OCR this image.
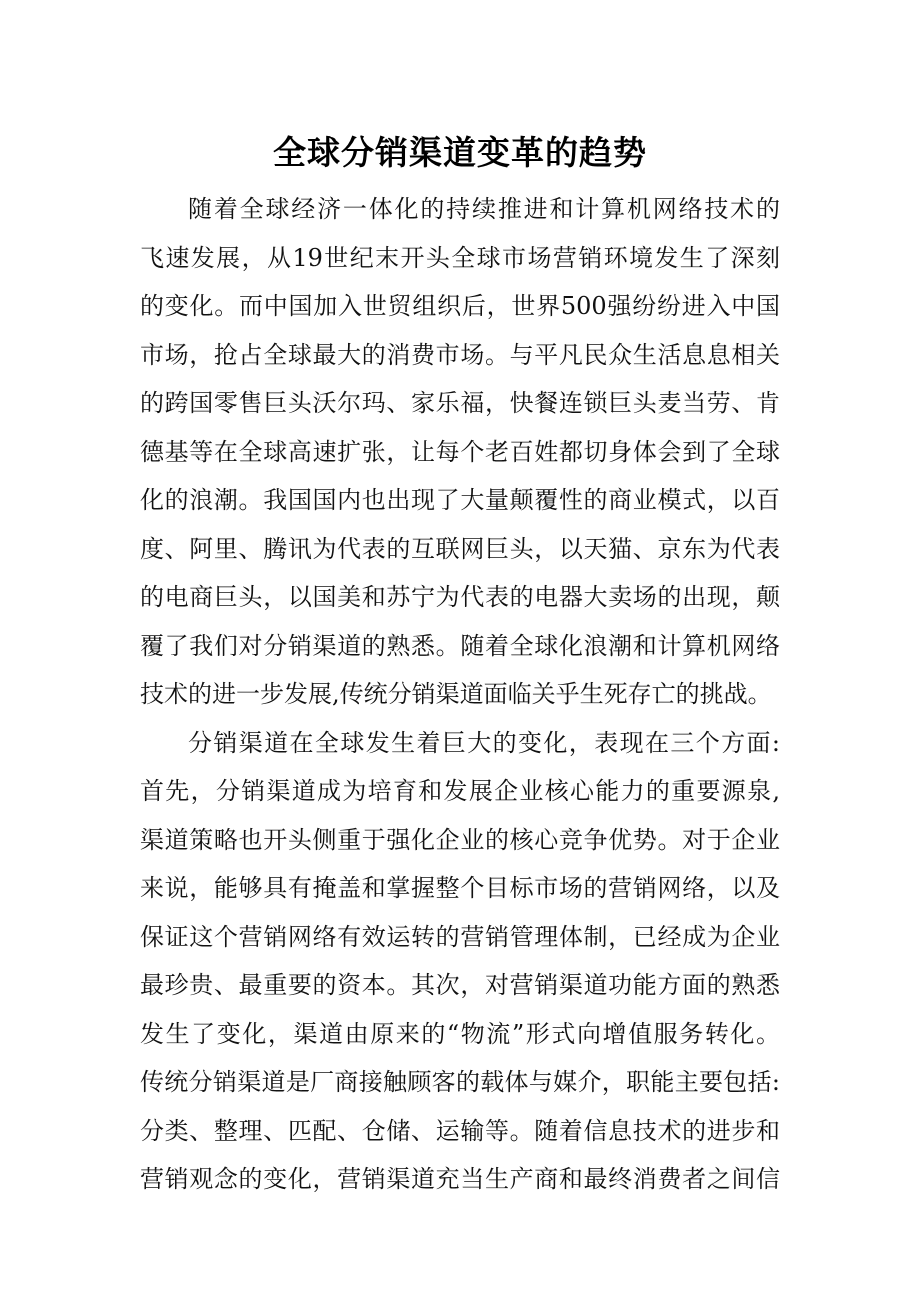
全球分销渠道变革的趋势
随着全球经济一体化的持续推进和计算机网络技术的
飞速发展，从19世纪末开头全球市场营销环境发生了深刻
的变化。而中国加入世贸组织后，世界500强纷纷进入中国
市场，抢占全球最大的消费市场。与平凡民众生活息息相关
的跨国零售巨头沃尔玛、家乐福，快餐连锁巨头麦当劳、肯
德基等在全球高速扩张，让每个老百姓都切身体会到了全球
化的浪潮。我国国内也出现了大量颠覆性的商业模式，以百
度、阿里、腾讯为代表的互联网巨头，以天猫、京东为代表
的电商巨头，以国美和苏宁为代表的电器大卖场的出现，颠
覆了我们对分销渠道的熟悉。随着全球化浪潮和计算机网络
技术的进一步发展,传统分销渠道面临关乎生死存亡的挑战。
分销渠道在全球发生着巨大的变化，表现在三个方面:
首先，分销渠道成为培育和发展企业核心能力的重要源泉,
渠道策略也开头侧重于强化企业的核心竞争优势。对于企业
来说，能够具有掩盖和掌握整个目标市场的营销网络，以及
保证这个营销网络有效运转的营销管理体制，已经成为企业
最珍贵、最重要的资本。其次，对营销渠道功能方面的熟悉
发生了变化，渠道由原来的“物流”形式向增值服务转化。
传统分销渠道是厂商接触顾客的载体与媒介，职能主要包括:
分类、整理、匹配、仓储、运输等。随着信息技术的进步和
营销观念的变化，营销渠道充当生产商和最终消费者之间信
